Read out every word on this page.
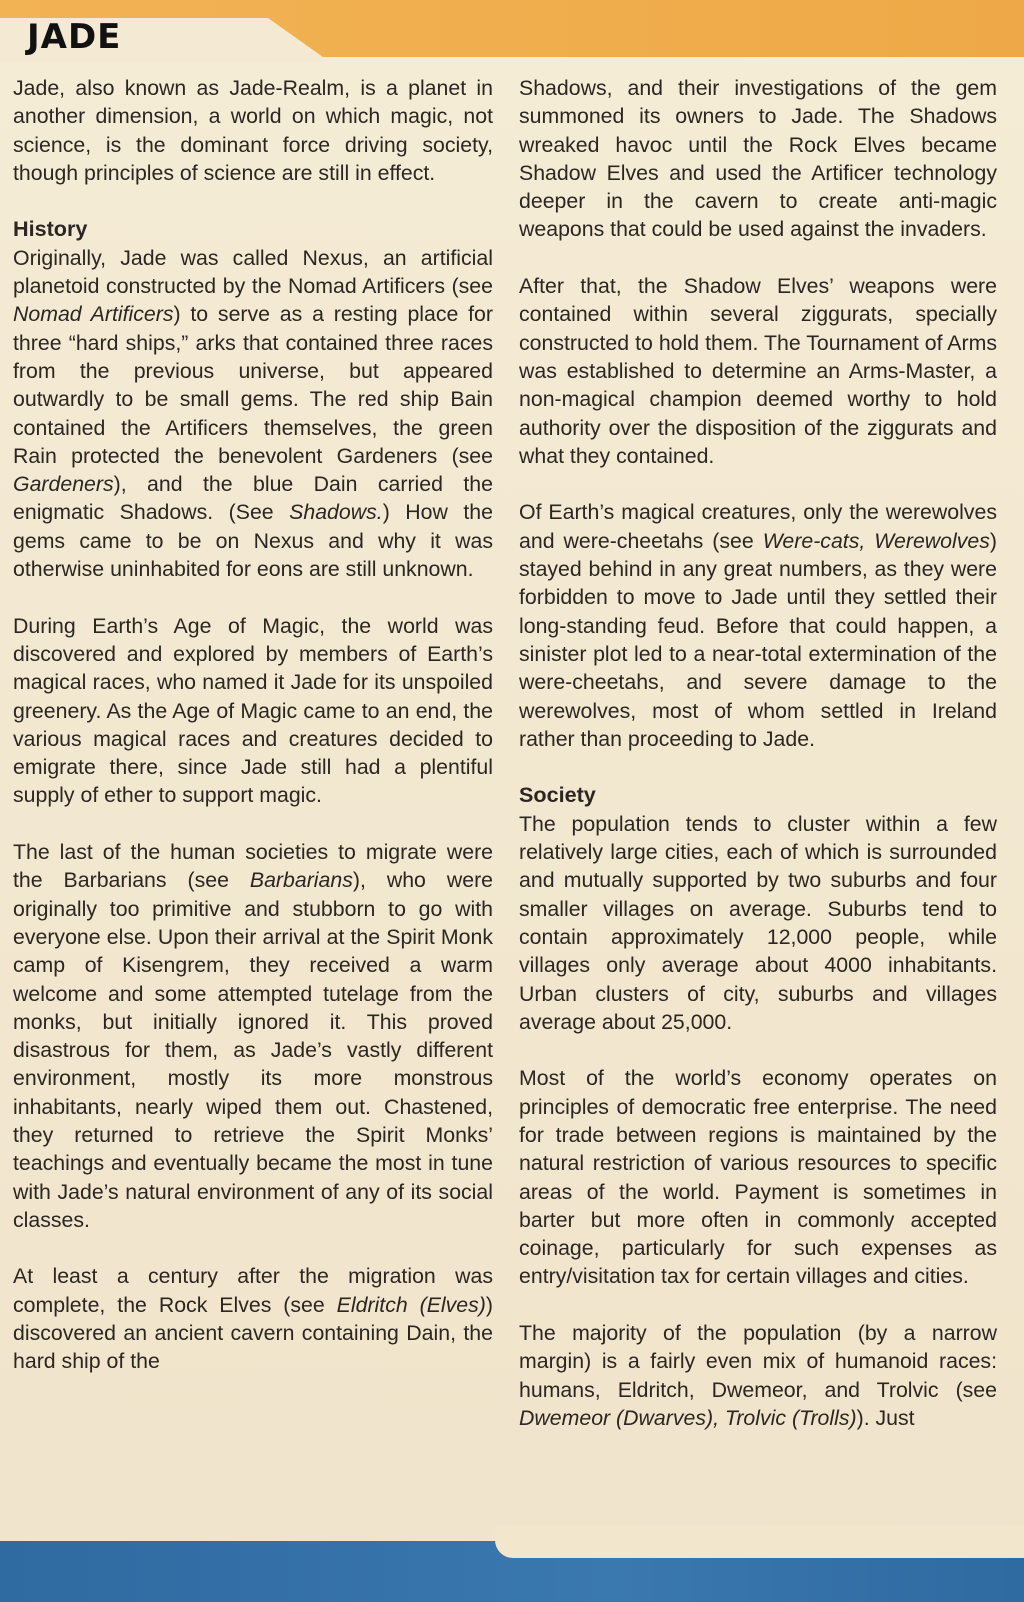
JADE

Jade, also known as Jade-Realm, is a planet in another dimension, a world on which magic, not science, is the dominant force driving society, though principles of science are still in effect.

History

Originally, Jade was called Nexus, an artificial planetoid constructed by the Nomad Artificers (see Nomad Artificers) to serve as a resting place for three “hard ships,” arks that contained three races from the previous universe, but appeared outwardly to be small gems. The red ship Bain contained the Artificers themselves, the green Rain protected the benevolent Gardeners (see Gardeners), and the blue Dain carried the enigmatic Shadows. (See Shadows.) How the gems came to be on Nexus and why it was otherwise uninhabited for eons are still unknown.

During Earth’s Age of Magic, the world was discovered and explored by members of Earth’s magical races, who named it Jade for its unspoiled greenery. As the Age of Magic came to an end, the various magical races and creatures decided to emigrate there, since Jade still had a plentiful supply of ether to support magic.

The last of the human societies to migrate were the Barbarians (see Barbarians), who were originally too primitive and stubborn to go with everyone else. Upon their arrival at the Spirit Monk camp of Kisengrem, they received a warm welcome and some attempted tutelage from the monks, but initially ignored it. This proved disastrous for them, as Jade’s vastly different environment, mostly its more monstrous inhabitants, nearly wiped them out. Chastened, they returned to retrieve the Spirit Monks’ teachings and eventually became the most in tune with Jade’s natural environment of any of its social classes.

At least a century after the migration was complete, the Rock Elves (see Eldritch (Elves)) discovered an ancient cavern containing Dain, the hard ship of the

Shadows, and their investigations of the gem summoned its owners to Jade. The Shadows wreaked havoc until the Rock Elves became Shadow Elves and used the Artificer technology deeper in the cavern to create anti-magic weapons that could be used against the invaders.

After that, the Shadow Elves’ weapons were contained within several ziggurats, specially constructed to hold them. The Tournament of Arms was established to determine an Arms-Master, a non-magical champion deemed worthy to hold authority over the disposition of the ziggurats and what they contained.

Of Earth’s magical creatures, only the werewolves and were-cheetahs (see Were-cats, Werewolves) stayed behind in any great numbers, as they were forbidden to move to Jade until they settled their long-standing feud. Before that could happen, a sinister plot led to a near-total extermination of the were-cheetahs, and severe damage to the werewolves, most of whom settled in Ireland rather than proceeding to Jade.

Society

The population tends to cluster within a few relatively large cities, each of which is surrounded and mutually supported by two suburbs and four smaller villages on average. Suburbs tend to contain approximately 12,000 people, while villages only average about 4000 inhabitants. Urban clusters of city, suburbs and villages average about 25,000.

Most of the world’s economy operates on principles of democratic free enterprise. The need for trade between regions is maintained by the natural restriction of various resources to specific areas of the world. Payment is sometimes in barter but more often in commonly accepted coinage, particularly for such expenses as entry/visitation tax for certain villages and cities.

The majority of the population (by a narrow margin) is a fairly even mix of humanoid races: humans, Eldritch, Dwemeor, and Trolvic (see Dwemeor (Dwarves), Trolvic (Trolls)). Just
